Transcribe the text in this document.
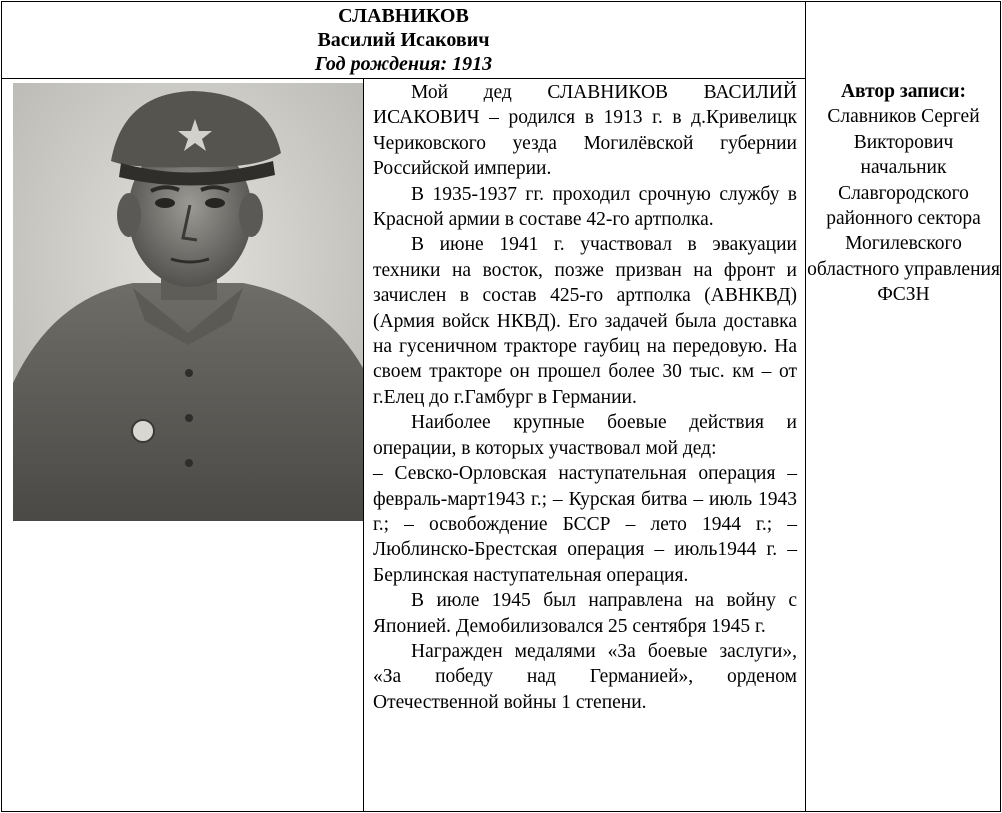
СЛАВНИКОВ
Василий Исакович
Год рождения: 1913

Мой дед СЛАВНИКОВ ВАСИЛИЙ ИСАКОВИЧ – родился в 1913 г. в д.Кривелицк Чериковского уезда Могилёвской губернии Российской империи.

В 1935-1937 гг. проходил срочную службу в Красной армии в составе 42-го артполка.

В июне 1941 г. участвовал в эвакуации техники на восток, позже призван на фронт и зачислен в состав 425-го артполка (АВНКВД) (Армия войск НКВД). Его задачей была доставка на гусеничном тракторе гаубиц на передовую. На своем тракторе он прошел более 30 тыс. км – от г.Елец до г.Гамбург в Германии.

Наиболее крупные боевые действия и операции, в которых участвовал мой дед:

– Севско-Орловская наступательная операция – февраль-март1943 г.; – Курская битва – июль 1943 г.; – освобождение БССР – лето 1944 г.; – Люблинско-Брестская операция – июль1944 г. – Берлинская наступательная операция.

В июле 1945 был направлена на войну с Японией. Демобилизовался 25 сентября 1945 г.

Награжден медалями «За боевые заслуги», «За победу над Германией», орденом Отечественной войны 1 степени.

Автор записи:
Славников Сергей Викторович
начальник Славгородского районного сектора Могилевского областного управления ФСЗН
